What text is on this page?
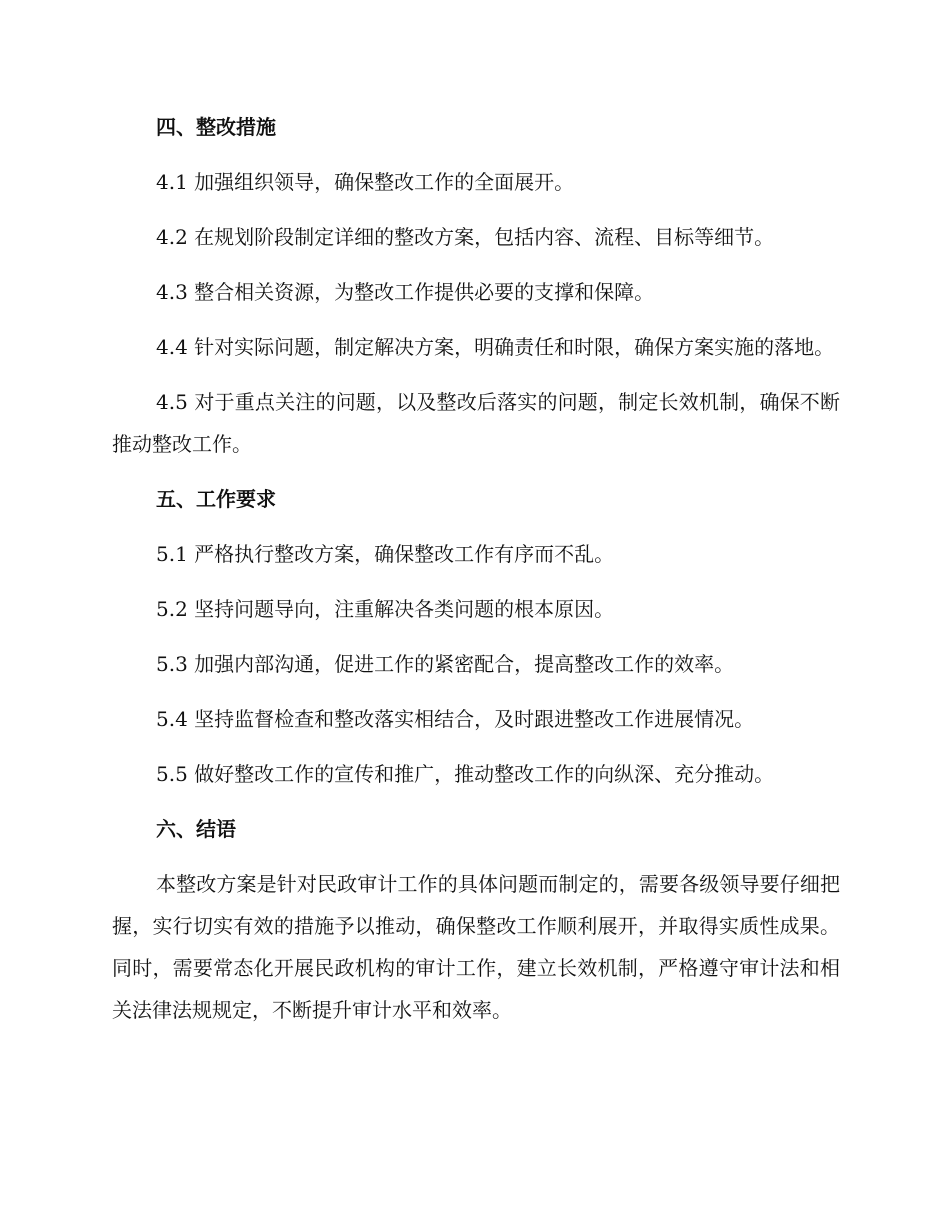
四、整改措施

4.1 加强组织领导，确保整改工作的全面展开。

4.2 在规划阶段制定详细的整改方案，包括内容、流程、目标等细节。

4.3 整合相关资源，为整改工作提供必要的支撑和保障。

4.4 针对实际问题，制定解决方案，明确责任和时限，确保方案实施的落地。

4.5 对于重点关注的问题，以及整改后落实的问题，制定长效机制，确保不断推动整改工作。

五、工作要求

5.1 严格执行整改方案，确保整改工作有序而不乱。

5.2 坚持问题导向，注重解决各类问题的根本原因。

5.3 加强内部沟通，促进工作的紧密配合，提高整改工作的效率。

5.4 坚持监督检查和整改落实相结合，及时跟进整改工作进展情况。

5.5 做好整改工作的宣传和推广，推动整改工作的向纵深、充分推动。

六、结语

本整改方案是针对民政审计工作的具体问题而制定的，需要各级领导要仔细把握，实行切实有效的措施予以推动，确保整改工作顺利展开，并取得实质性成果。同时，需要常态化开展民政机构的审计工作，建立长效机制，严格遵守审计法和相关法律法规规定，不断提升审计水平和效率。
